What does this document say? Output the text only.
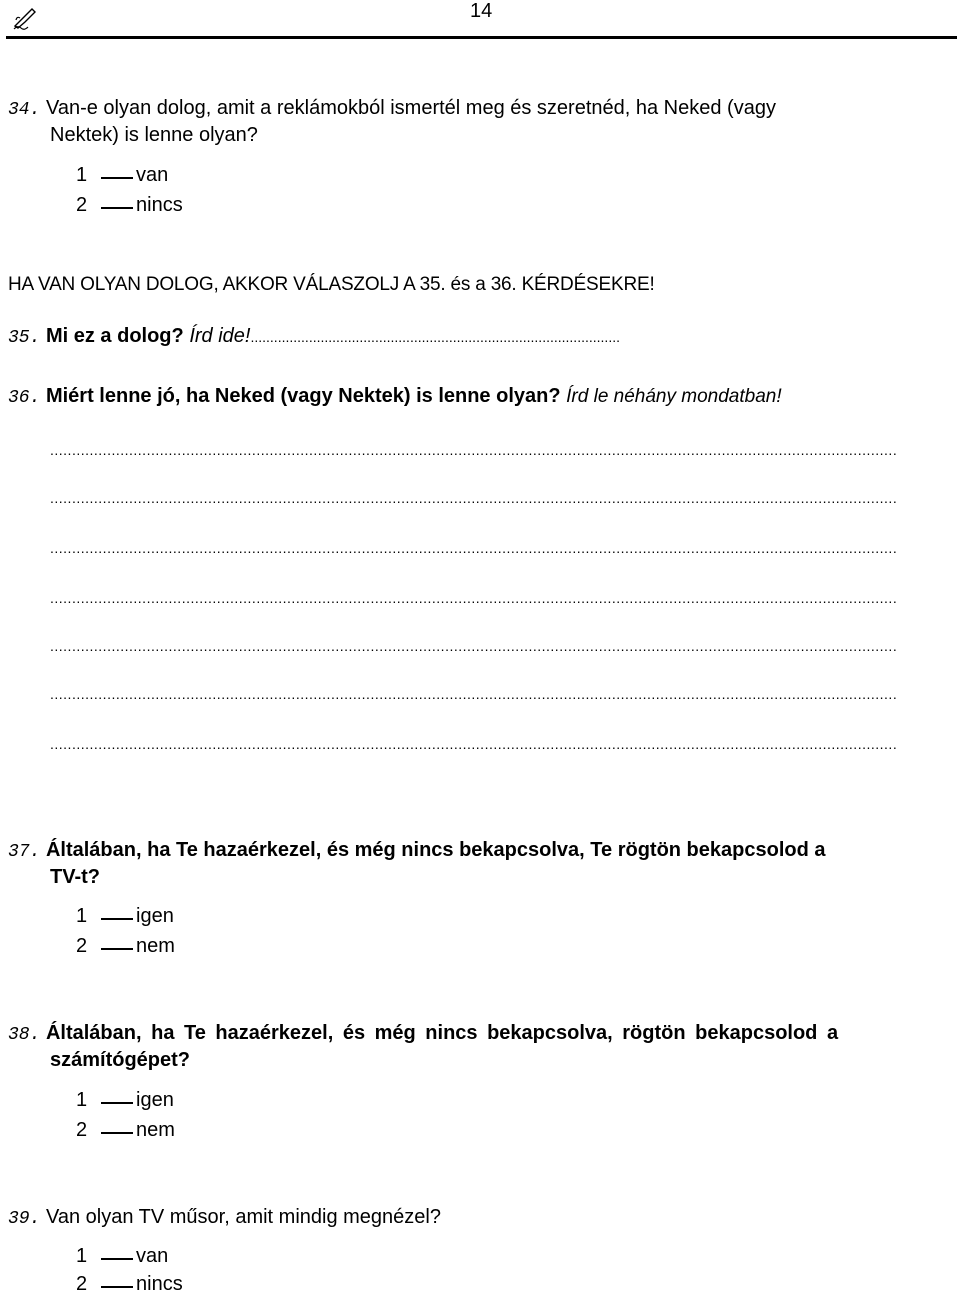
14
34. Van-e olyan dolog, amit a reklámokból ismertél meg és szeretnéd, ha Neked (vagy
Nektek) is lenne olyan?
1 van
2 nincs
HA VAN OLYAN DOLOG, AKKOR VÁLASZOLJ A 35. és a 36. KÉRDÉSEKRE!
35. Mi ez a dolog? Írd ide!...............................................................................................
36. Miért lenne jó, ha Neked (vagy Nektek) is lenne olyan? Írd le néhány mondatban!
.................................................................................................................................................................................................
.................................................................................................................................................................................................
.................................................................................................................................................................................................
.................................................................................................................................................................................................
.................................................................................................................................................................................................
.................................................................................................................................................................................................
.................................................................................................................................................................................................
37. Általában, ha Te hazaérkezel, és még nincs bekapcsolva, Te rögtön bekapcsolod a
TV-t?
1 igen
2 nem
38. Általában, ha Te hazaérkezel, és még nincs bekapcsolva, rögtön bekapcsolod a
számítógépet?
1 igen
2 nem
39. Van olyan TV műsor, amit mindig megnézel?
1 van
2 nincs
